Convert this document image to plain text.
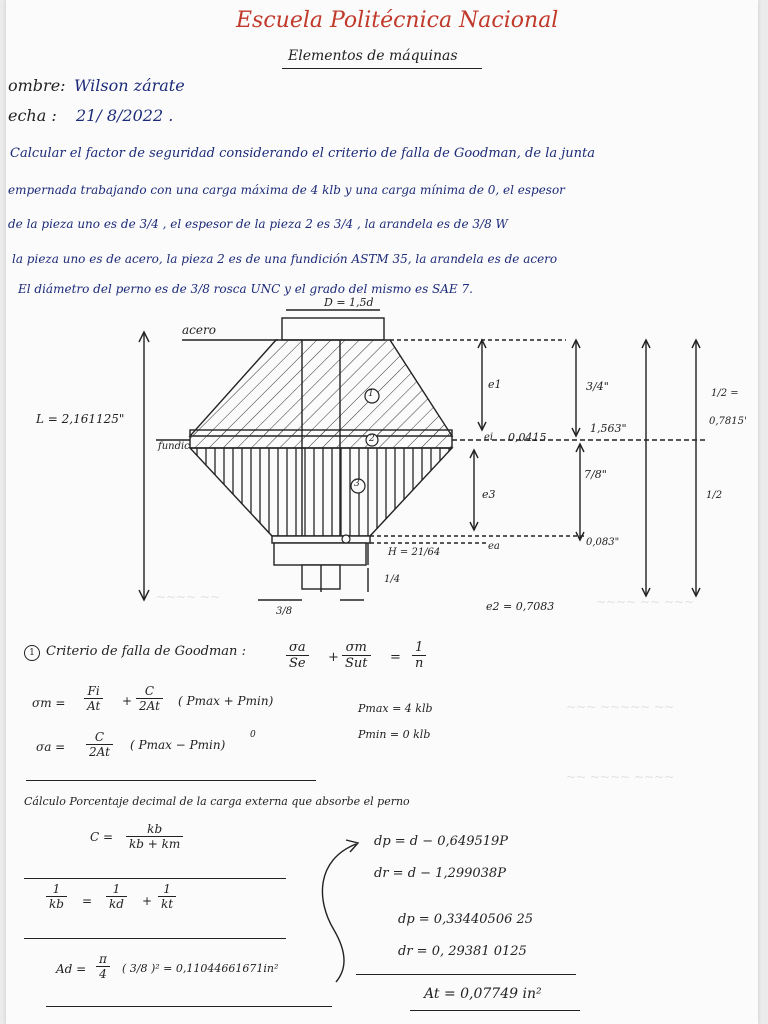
~~~~ ~~ ~~~
~~~ ~~~~~ ~~
~~ ~~~~ ~~~~
~~~~ ~~
Escuela Politécnica Nacional
Elementos de máquinas
ombre: Wilson zárate
echa : 21/ 8/2022 .
Calcular el factor de seguridad considerando el criterio de falla de Goodman, de la junta
empernada trabajando con una carga máxima de 4 klb y una carga mínima de 0, el espesor
de la pieza uno es de 3/4 , el espesor de la pieza 2 es 3/4 , la arandela es de 3/8 W
la pieza uno es de acero, la pieza 2 es de una fundición ASTM 35, la arandela es de acero
El diámetro del perno es de 3/8 rosca UNC y el grado del mismo es SAE 7.
D = 1,5d
acero
fundic.
L = 2,161125"
1
2
3
e1
ei 0,0415
e3
ea
3/4"
7/8"
1,563"
1/2 =
0,7815'
1/2
0,083"
H = 21/64
1/4
3/8	e2 = 0,7083
1 Criterio de falla de Goodman :	$\frac{\sigma a}{Se}$ +
σm
Sut = $\frac{1}{n}$
$\sigma m = \frac{Fi}{At} + \frac{C}{2At}$ ( Pmax + Pmin)
Pmax = 4 klb
Pmin = 0 klb
$\sigma a = \frac{C}{2At}$ ( Pmax − Pmin)
0
Cálculo Porcentaje decimal de la carga externa que absorbe el perno
$C = \frac{kb}{kb + km}$
$\frac{1}{kb} = \frac{1}{kd} + \frac{1}{kt}$
$Ad = \frac{\pi}{4}$ ( 3/8 )² = 0,11044661671in²
dp = d − 0,649519P
dr = d − 1,299038P
dp = 0,33440506 25
dr = 0, 29381 0125
At = 0,07749 in²
